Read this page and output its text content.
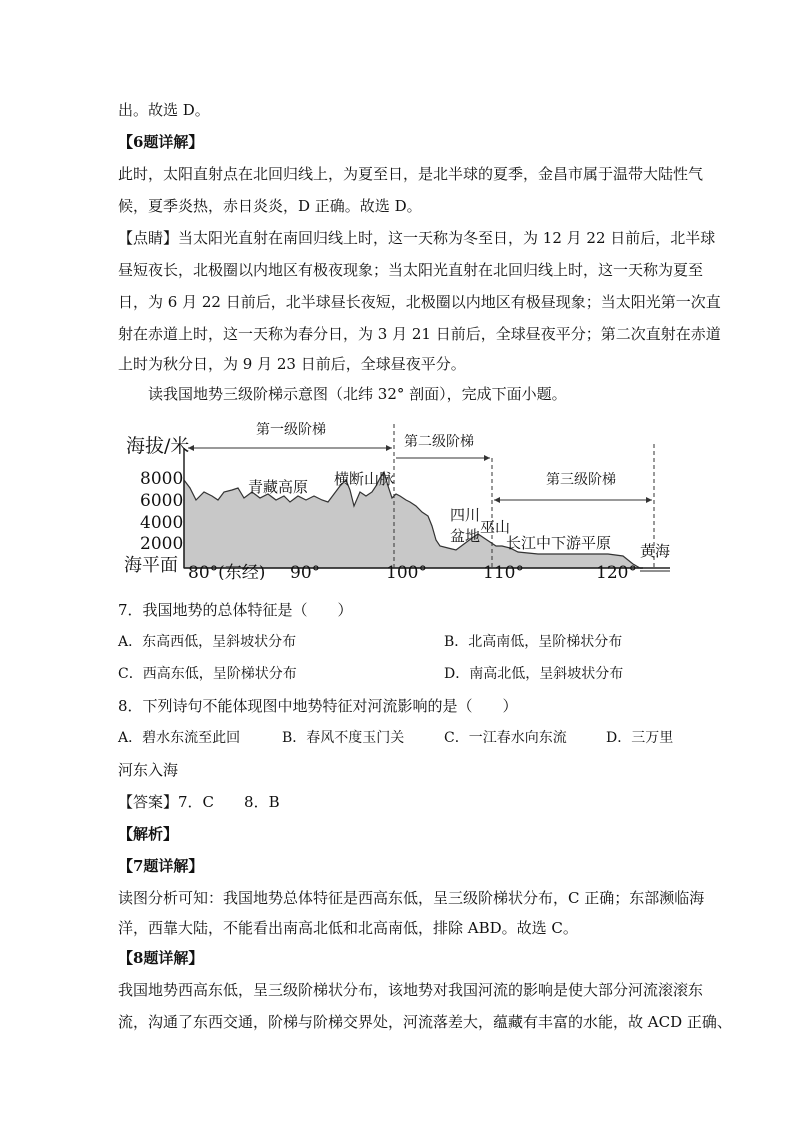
出。故选 D。
【6题详解】
此时，太阳直射点在北回归线上，为夏至日，是北半球的夏季，金昌市属于温带大陆性气
候，夏季炎热，赤日炎炎，D 正确。故选 D。
【点睛】当太阳光直射在南回归线上时，这一天称为冬至日，为 12 月 22 日前后，北半球
昼短夜长，北极圈以内地区有极夜现象；当太阳光直射在北回归线上时，这一天称为夏至
日，为 6 月 22 日前后，北半球昼长夜短，北极圈以内地区有极昼现象；当太阳光第一次直
射在赤道上时，这一天称为春分日，为 3 月 21 日前后，全球昼夜平分；第二次直射在赤道
上时为秋分日，为 9 月 23 日前后，全球昼夜平分。
读我国地势三级阶梯示意图（北纬 32° 剖面），完成下面小题。
海拔/米
8000
6000
4000
2000
海平面 80°(东经) 90°	100°	110°	120°
第一级阶梯
第二级阶梯
第三级阶梯
青藏高原 横断山脉
四川
盆地 巫山
长江中下游平原 黄海
7．我国地势的总体特征是（　　）
A．东高西低，呈斜坡状分布	B．北高南低，呈阶梯状分布
C．西高东低，呈阶梯状分布	D．南高北低，呈斜坡状分布
8．下列诗句不能体现图中地势特征对河流影响的是（　　）
A．碧水东流至此回	B．春风不度玉门关	C．一江春水向东流	D．三万里
河东入海
【答案】7．C　　8．B
【解析】
【7题详解】
读图分析可知：我国地势总体特征是西高东低，呈三级阶梯状分布，C 正确；东部濒临海
洋，西靠大陆，不能看出南高北低和北高南低，排除 ABD。故选 C。
【8题详解】
我国地势西高东低，呈三级阶梯状分布，该地势对我国河流的影响是使大部分河流滚滚东
流，沟通了东西交通，阶梯与阶梯交界处，河流落差大，蕴藏有丰富的水能，故 ACD 正确、
